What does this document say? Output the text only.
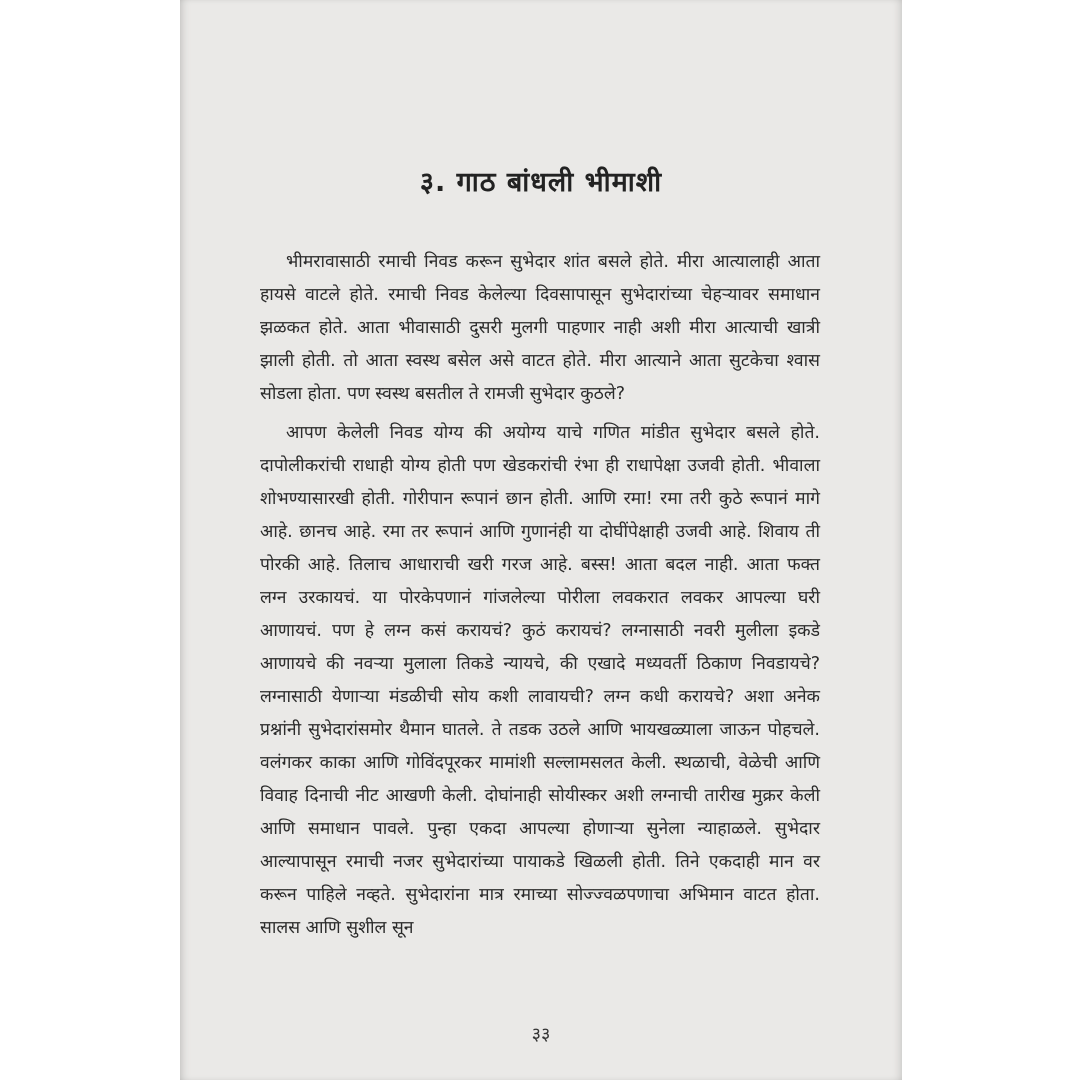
३. गाठ बांधली भीमाशी

भीमरावासाठी रमाची निवड करून सुभेदार शांत बसले होते. मीरा आत्यालाही आता हायसे वाटले होते. रमाची निवड केलेल्या दिवसापासून सुभेदारांच्या चेहऱ्यावर समाधान झळकत होते. आता भीवासाठी दुसरी मुलगी पाहणार नाही अशी मीरा आत्याची खात्री झाली होती. तो आता स्वस्थ बसेल असे वाटत होते. मीरा आत्याने आता सुटकेचा श्वास सोडला होता. पण स्वस्थ बसतील ते रामजी सुभेदार कुठले?

आपण केलेली निवड योग्य की अयोग्य याचे गणित मांडीत सुभेदार बसले होते. दापोलीकरांची राधाही योग्य होती पण खेडकरांची रंभा ही राधापेक्षा उजवी होती. भीवाला शोभण्यासारखी होती. गोरीपान रूपानं छान होती. आणि रमा! रमा तरी कुठे रूपानं मागे आहे. छानच आहे. रमा तर रूपानं आणि गुणानंही या दोघींपेक्षाही उजवी आहे. शिवाय ती पोरकी आहे. तिलाच आधाराची खरी गरज आहे. बस्स! आता बदल नाही. आता फक्त लग्न उरकायचं. या पोरकेपणानं गांजलेल्या पोरीला लवकरात लवकर आपल्या घरी आणायचं. पण हे लग्न कसं करायचं? कुठं करायचं? लग्नासाठी नवरी मुलीला इकडे आणायचे की नवऱ्या मुलाला तिकडे न्यायचे, की एखादे मध्यवर्ती ठिकाण निवडायचे? लग्नासाठी येणाऱ्या मंडळीची सोय कशी लावायची? लग्न कधी करायचे? अशा अनेक प्रश्नांनी सुभेदारांसमोर थैमान घातले. ते तडक उठले आणि भायखळ्याला जाऊन पोहचले. वलंगकर काका आणि गोविंदपूरकर मामांशी सल्लामसलत केली. स्थळाची, वेळेची आणि विवाह दिनाची नीट आखणी केली. दोघांनाही सोयीस्कर अशी लग्नाची तारीख मुक्रर केली आणि समाधान पावले. पुन्हा एकदा आपल्या होणाऱ्या सुनेला न्याहाळले. सुभेदार आल्यापासून रमाची नजर सुभेदारांच्या पायाकडे खिळली होती. तिने एकदाही मान वर करून पाहिले नव्हते. सुभेदारांना मात्र रमाच्या सोज्ज्वळपणाचा अभिमान वाटत होता. सालस आणि सुशील सून

३३
